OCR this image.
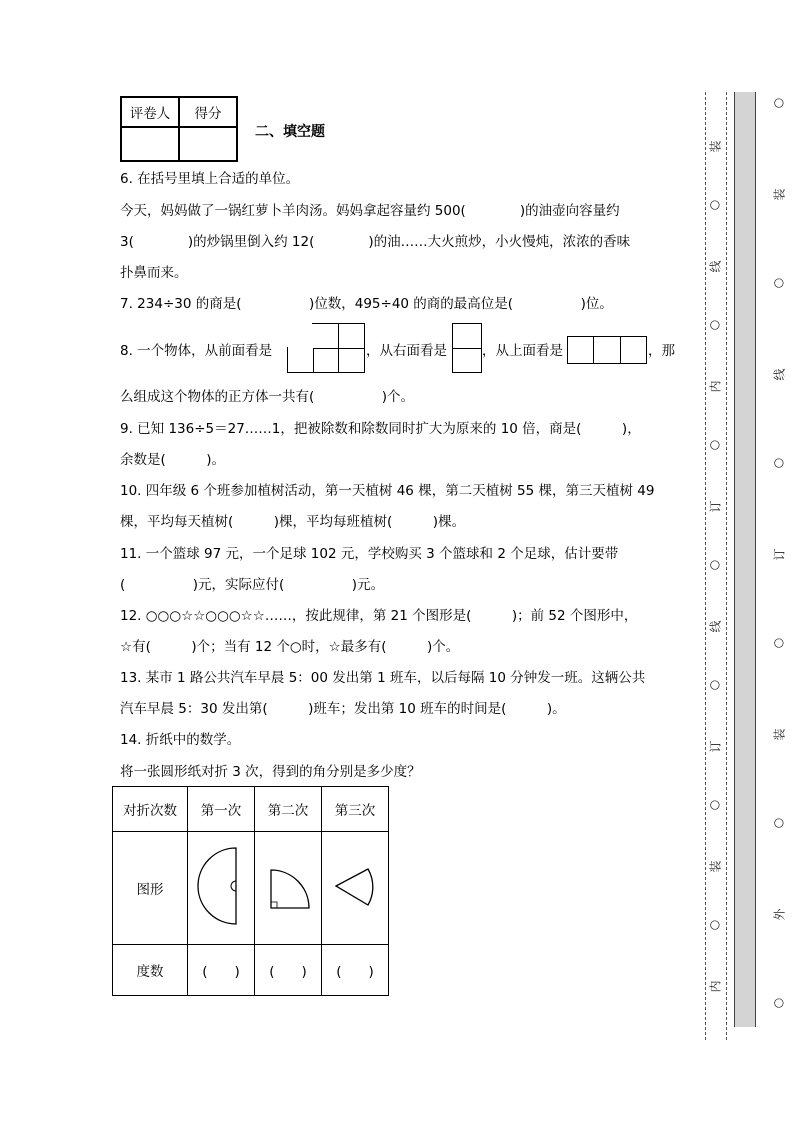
评卷人	得分

二、填空题
6. 在括号里填上合适的单位。
今天，妈妈做了一锅红萝卜羊肉汤。妈妈拿起容量约 500(　　　　)的油壶向容量约
3(　　　　)的炒锅里倒入约 12(　　　　)的油……大火煎炒，小火慢炖，浓浓的香味
扑鼻而来。
7. 234÷30 的商是(　　　　　)位数，495÷40 的商的最高位是(　　　　　)位。
8. 一个物体，从前面看是	，从右面看是	，从上面看是	，那
么组成这个物体的正方体一共有(　　　　　)个。
9. 已知 136÷5＝27……1，把被除数和除数同时扩大为原来的 10 倍，商是(　　　)，
余数是(　　　)。
10. 四年级 6 个班参加植树活动，第一天植树 46 棵，第二天植树 55 棵，第三天植树 49
棵，平均每天植树(　　　)棵，平均每班植树(　　　)棵。
11. 一个篮球 97 元，一个足球 102 元，学校购买 3 个篮球和 2 个足球，估计要带
(　　　　　)元，实际应付(　　　　　)元。
12. ○○○☆☆○○○☆☆……，按此规律，第 21 个图形是(　　　)；前 52 个图形中，
☆有(　　　)个；当有 12 个○时，☆最多有(　　　)个。
13. 某市 1 路公共汽车早晨 5：00 发出第 1 班车，以后每隔 10 分钟发一班。这辆公共
汽车早晨 5：30 发出第(　　　)班车；发出第 10 班车的时间是(　　　)。
14. 折纸中的数学。
将一张圆形纸对折 3 次，得到的角分别是多少度？
对折次数	第一次	第二次	第三次
图形			
度数	(　　)	(　　)	(　　)
装
○
线
○
内
○
订
○
线
○
订
○
装
○
内
○
装
○
线
○
订
○
装
○
外
○
